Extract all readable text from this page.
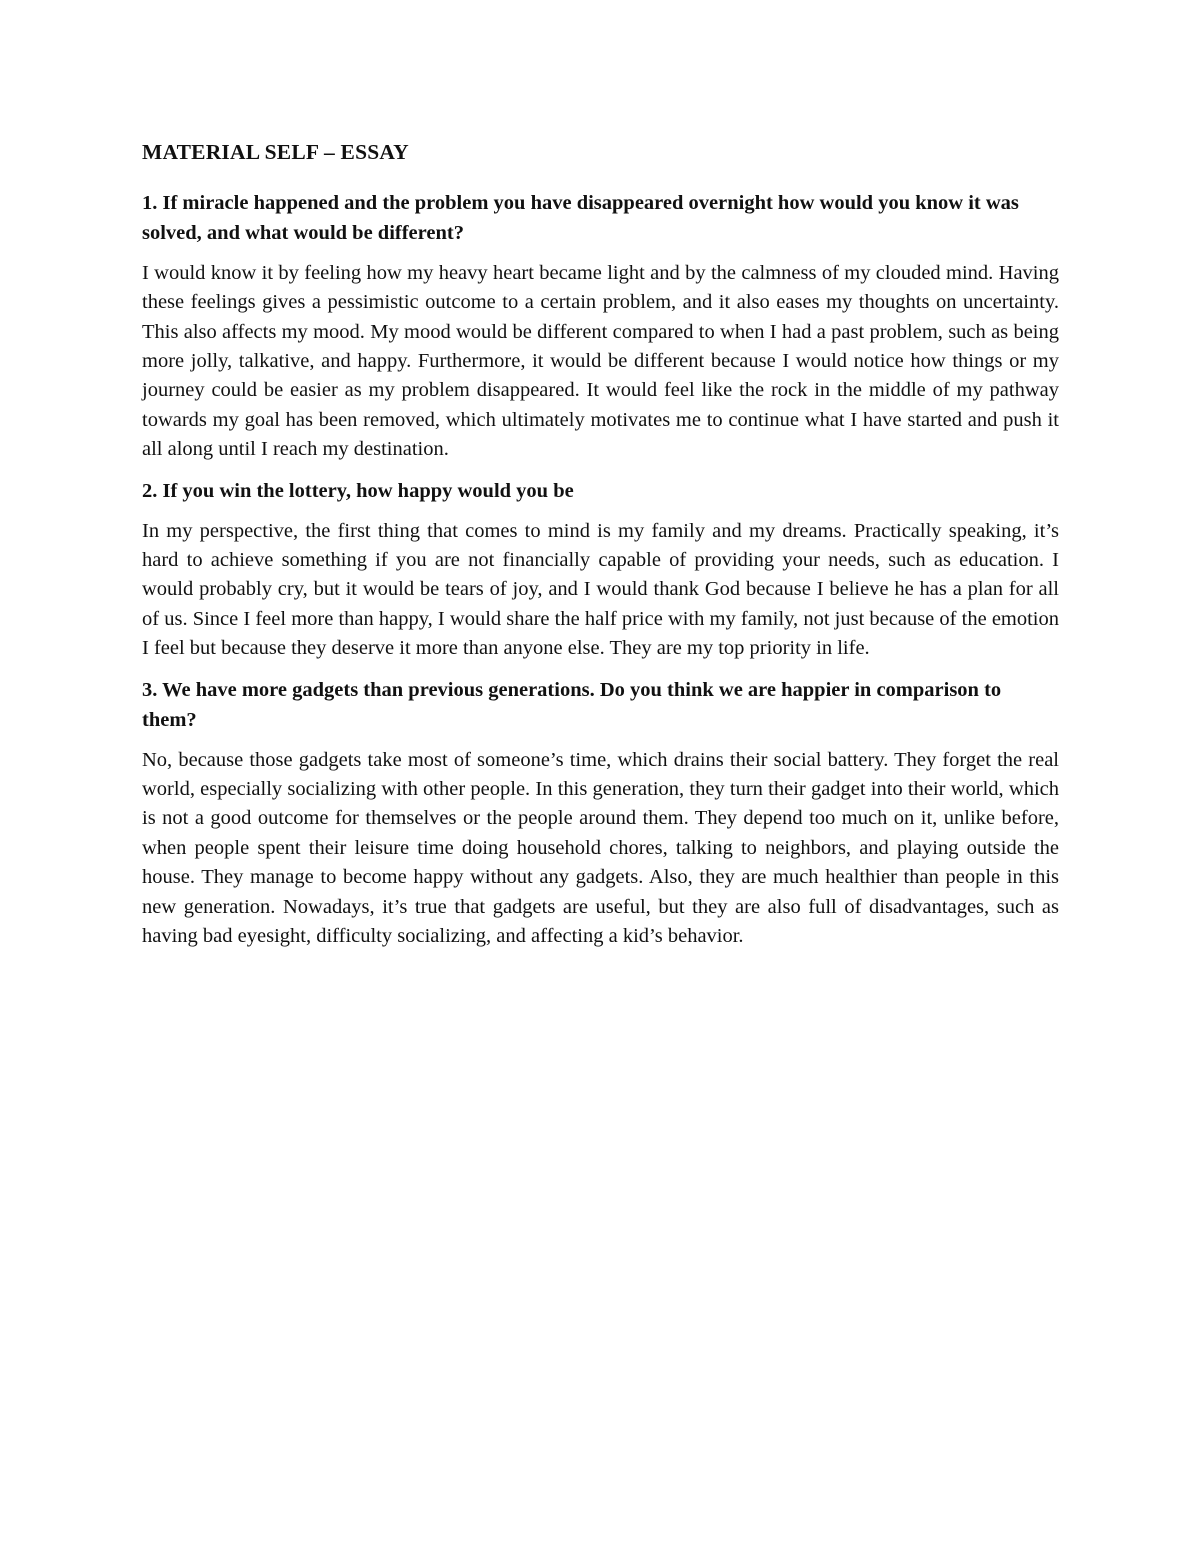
MATERIAL SELF – ESSAY
1. If miracle happened and the problem you have disappeared overnight how would you know it was solved, and what would be different?

I would know it by feeling how my heavy heart became light and by the calmness of my clouded mind. Having these feelings gives a pessimistic outcome to a certain problem, and it also eases my thoughts on uncertainty. This also affects my mood. My mood would be different compared to when I had a past problem, such as being more jolly, talkative, and happy. Furthermore, it would be different because I would notice how things or my journey could be easier as my problem disappeared. It would feel like the rock in the middle of my pathway towards my goal has been removed, which ultimately motivates me to continue what I have started and push it all along until I reach my destination.

2. If you win the lottery, how happy would you be

In my perspective, the first thing that comes to mind is my family and my dreams. Practically speaking, it’s hard to achieve something if you are not financially capable of providing your needs, such as education. I would probably cry, but it would be tears of joy, and I would thank God because I believe he has a plan for all of us. Since I feel more than happy, I would share the half price with my family, not just because of the emotion I feel but because they deserve it more than anyone else. They are my top priority in life.

3. We have more gadgets than previous generations. Do you think we are happier in comparison to them?

No, because those gadgets take most of someone’s time, which drains their social battery. They forget the real world, especially socializing with other people. In this generation, they turn their gadget into their world, which is not a good outcome for themselves or the people around them. They depend too much on it, unlike before, when people spent their leisure time doing household chores, talking to neighbors, and playing outside the house. They manage to become happy without any gadgets. Also, they are much healthier than people in this new generation. Nowadays, it’s true that gadgets are useful, but they are also full of disadvantages, such as having bad eyesight, difficulty socializing, and affecting a kid’s behavior.
